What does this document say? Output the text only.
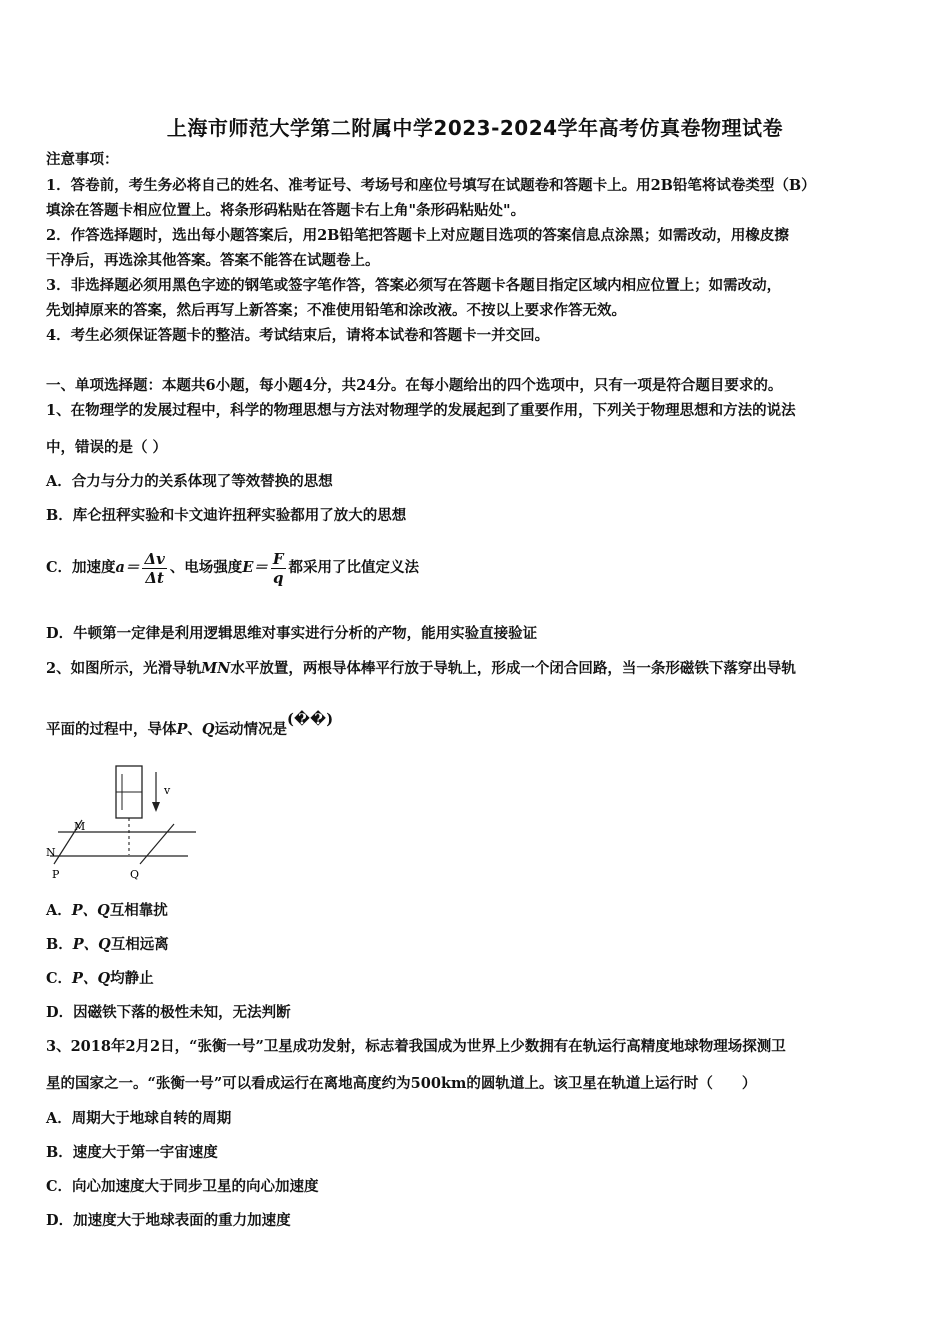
上海市师范大学第二附属中学2023-2024学年高考仿真卷物理试卷
注意事项：
1．答卷前，考生务必将自己的姓名、准考证号、考场号和座位号填写在试题卷和答题卡上。用2B铅笔将试卷类型（B）
填涂在答题卡相应位置上。将条形码粘贴在答题卡右上角"条形码粘贴处"。
2．作答选择题时，选出每小题答案后，用2B铅笔把答题卡上对应题目选项的答案信息点涂黑；如需改动，用橡皮擦
干净后，再选涂其他答案。答案不能答在试题卷上。
3．非选择题必须用黑色字迹的钢笔或签字笔作答，答案必须写在答题卡各题目指定区域内相应位置上；如需改动，
先划掉原来的答案，然后再写上新答案；不准使用铅笔和涂改液。不按以上要求作答无效。
4．考生必须保证答题卡的整洁。考试结束后，请将本试卷和答题卡一并交回。
一、单项选择题：本题共6小题，每小题4分，共24分。在每小题给出的四个选项中，只有一项是符合题目要求的。
1、在物理学的发展过程中，科学的物理思想与方法对物理学的发展起到了重要作用，下列关于物理思想和方法的说法
中，错误的是（ ）
A．合力与分力的关系体现了等效替换的思想
B．库仑扭秤实验和卡文迪许扭秤实验都用了放大的思想
C．加速度$a= \frac{\Delta v}{\Delta t}$ 、电场强度$E= \frac{F}{q}$ 都采用了比值定义法
D．牛顿第一定律是利用逻辑思维对事实进行分析的产物，能用实验直接验证
2、如图所示，光滑导轨MN水平放置，两根导体棒平行放于导轨上，形成一个闭合回路，当一条形磁铁下落穿出导轨
平面的过程中，导体P、Q运动情况是(��)
v
M
N
P	Q
A．P、Q互相靠扰
B．P、Q互相远离
C．P、Q均静止
D．因磁铁下落的极性未知，无法判断
3、2018年2月2日，“张衡一号”卫星成功发射，标志着我国成为世界上少数拥有在轨运行高精度地球物理场探测卫
星的国家之一。“张衡一号”可以看成运行在离地高度约为500km的圆轨道上。该卫星在轨道上运行时（　　）
A．周期大于地球自转的周期
B．速度大于第一宇宙速度
C．向心加速度大于同步卫星的向心加速度
D．加速度大于地球表面的重力加速度
